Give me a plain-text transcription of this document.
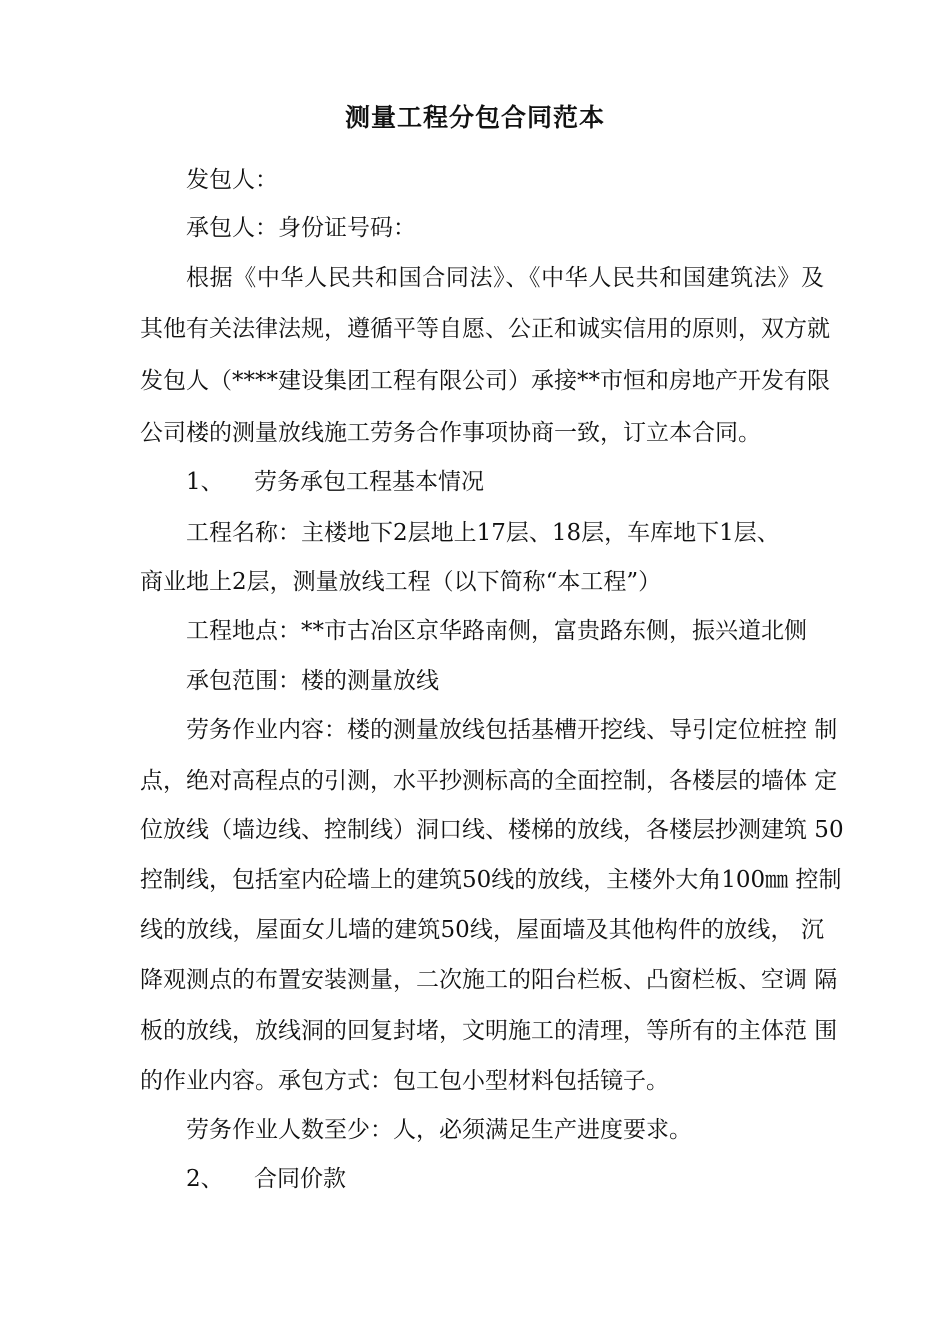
测量工程分包合同范本
发包人：
承包人：身份证号码：
根据《中华人民共和国合同法》、《中华人民共和国建筑法》及
其他有关法律法规，遵循平等自愿、公正和诚实信用的原则，双方就
发包人（****建设集团工程有限公司）承接**市恒和房地产开发有限
公司楼的测量放线施工劳务合作事项协商一致，订立本合同。
1、 劳务承包工程基本情况
工程名称：主楼地下2层地上17层、18层，车库地下1层、
商业地上2层，测量放线工程（以下简称“本工程”）
工程地点：**市古冶区京华路南侧，富贵路东侧，振兴道北侧
承包范围：楼的测量放线
劳务作业内容：楼的测量放线包括基槽开挖线、导引定位桩控 制
点，绝对高程点的引测，水平抄测标高的全面控制，各楼层的墙体 定
位放线（墙边线、控制线）洞口线、楼梯的放线，各楼层抄测建筑 50
控制线，包括室内砼墙上的建筑50线的放线，主楼外大角100㎜ 控制
线的放线，屋面女儿墙的建筑50线，屋面墙及其他构件的放线， 沉
降观测点的布置安装测量，二次施工的阳台栏板、凸窗栏板、空调 隔
板的放线，放线洞的回复封堵，文明施工的清理，等所有的主体范 围
的作业内容。承包方式：包工包小型材料包括镜子。
劳务作业人数至少：人，必须满足生产进度要求。
2、 合同价款
